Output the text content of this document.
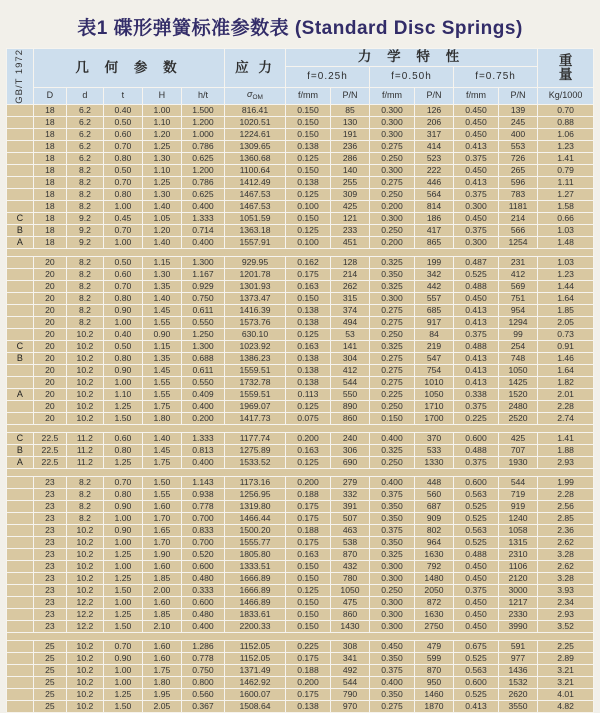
表1 碟形弹簧标准参数表 (Standard Disc Springs)
GB/T 1972	几 何 参 数					应 力	力 学 特 性						重
量
							f=0.25h		f=0.50h		f=0.75h		
	D	d	t	H	h/t	$\sigma_{OM}$	f/mm	P/N	f/mm	P/N	f/mm	P/N	Kg/1000
	18	6.2	0.40	1.00	1.500	816.41	0.150	85	0.300	126	0.450	139	0.70
	18	6.2	0.50	1.10	1.200	1020.51	0.150	130	0.300	206	0.450	245	0.88
	18	6.2	0.60	1.20	1.000	1224.61	0.150	191	0.300	317	0.450	400	1.06
	18	6.2	0.70	1.25	0.786	1309.65	0.138	236	0.275	414	0.413	553	1.23
	18	6.2	0.80	1.30	0.625	1360.68	0.125	286	0.250	523	0.375	726	1.41
	18	8.2	0.50	1.10	1.200	1100.64	0.150	140	0.300	222	0.450	265	0.79
	18	8.2	0.70	1.25	0.786	1412.49	0.138	255	0.275	446	0.413	596	1.11
	18	8.2	0.80	1.30	0.625	1467.53	0.125	309	0.250	564	0.375	783	1.27
	18	8.2	1.00	1.40	0.400	1467.53	0.100	425	0.200	814	0.300	1181	1.58
C	18	9.2	0.45	1.05	1.333	1051.59	0.150	121	0.300	186	0.450	214	0.66
B	18	9.2	0.70	1.20	0.714	1363.18	0.125	233	0.250	417	0.375	566	1.03
A	18	9.2	1.00	1.40	0.400	1557.91	0.100	451	0.200	865	0.300	1254	1.48

	20	8.2	0.50	1.15	1.300	929.95	0.162	128	0.325	199	0.487	231	1.03
	20	8.2	0.60	1.30	1.167	1201.78	0.175	214	0.350	342	0.525	412	1.23
	20	8.2	0.70	1.35	0.929	1301.93	0.163	262	0.325	442	0.488	569	1.44
	20	8.2	0.80	1.40	0.750	1373.47	0.150	315	0.300	557	0.450	751	1.64
	20	8.2	0.90	1.45	0.611	1416.39	0.138	374	0.275	685	0.413	954	1.85
	20	8.2	1.00	1.55	0.550	1573.76	0.138	494	0.275	917	0.413	1294	2.05
	20	10.2	0.40	0.90	1.250	630.10	0.125	53	0.250	84	0.375	99	0.73
C	20	10.2	0.50	1.15	1.300	1023.92	0.163	141	0.325	219	0.488	254	0.91
B	20	10.2	0.80	1.35	0.688	1386.23	0.138	304	0.275	547	0.413	748	1.46
	20	10.2	0.90	1.45	0.611	1559.51	0.138	412	0.275	754	0.413	1050	1.64
	20	10.2	1.00	1.55	0.550	1732.78	0.138	544	0.275	1010	0.413	1425	1.82
A	20	10.2	1.10	1.55	0.409	1559.51	0.113	550	0.225	1050	0.338	1520	2.01
	20	10.2	1.25	1.75	0.400	1969.07	0.125	890	0.250	1710	0.375	2480	2.28
	20	10.2	1.50	1.80	0.200	1417.73	0.075	860	0.150	1700	0.225	2520	2.74

C	22.5	11.2	0.60	1.40	1.333	1177.74	0.200	240	0.400	370	0.600	425	1.41
B	22.5	11.2	0.80	1.45	0.813	1275.89	0.163	306	0.325	533	0.488	707	1.88
A	22.5	11.2	1.25	1.75	0.400	1533.52	0.125	690	0.250	1330	0.375	1930	2.93

	23	8.2	0.70	1.50	1.143	1173.16	0.200	279	0.400	448	0.600	544	1.99
	23	8.2	0.80	1.55	0.938	1256.95	0.188	332	0.375	560	0.563	719	2.28
	23	8.2	0.90	1.60	0.778	1319.80	0.175	391	0.350	687	0.525	919	2.56
	23	8.2	1.00	1.70	0.700	1466.44	0.175	507	0.350	909	0.525	1240	2.85
	23	10.2	0.90	1.65	0.833	1500.20	0.188	463	0.375	802	0.563	1058	2.36
	23	10.2	1.00	1.70	0.700	1555.77	0.175	538	0.350	964	0.525	1315	2.62
	23	10.2	1.25	1.90	0.520	1805.80	0.163	870	0.325	1630	0.488	2310	3.28
	23	10.2	1.00	1.60	0.600	1333.51	0.150	432	0.300	792	0.450	1106	2.62
	23	10.2	1.25	1.85	0.480	1666.89	0.150	780	0.300	1480	0.450	2120	3.28
	23	10.2	1.50	2.00	0.333	1666.89	0.125	1050	0.250	2050	0.375	3000	3.93
	23	12.2	1.00	1.60	0.600	1466.89	0.150	475	0.300	872	0.450	1217	2.34
	23	12.2	1.25	1.85	0.480	1833.61	0.150	860	0.300	1630	0.450	2330	2.93
	23	12.2	1.50	2.10	0.400	2200.33	0.150	1430	0.300	2750	0.450	3990	3.52

	25	10.2	0.70	1.60	1.286	1152.05	0.225	308	0.450	479	0.675	591	2.25
	25	10.2	0.90	1.60	0.778	1152.05	0.175	341	0.350	599	0.525	977	2.89
	25	10.2	1.00	1.75	0.750	1371.49	0.188	492	0.375	870	0.563	1436	3.21
	25	10.2	1.00	1.80	0.800	1462.92	0.200	544	0.400	950	0.600	1532	3.21
	25	10.2	1.25	1.95	0.560	1600.07	0.175	790	0.350	1460	0.525	2620	4.01
	25	10.2	1.50	2.05	0.367	1508.64	0.138	970	0.275	1870	0.413	3550	4.82
